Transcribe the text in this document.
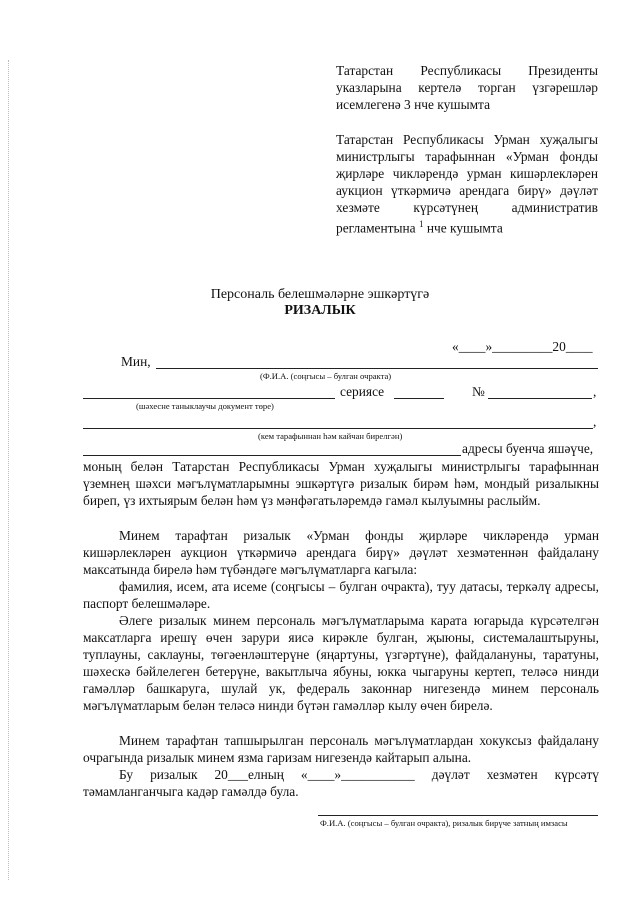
Татарстан Республикасы Президенты указларына кертелә торган үзгәрешләр исемлегенә 3 нче кушымта
Татарстан Республикасы Урман хуҗалыгы министрлыгы тарафыннан «Урман фонды җирләре чикләрендә урман кишәрлекләрен аукцион үткәрмичә арендага бирү» дәүләт хезмәте күрсәтүнең административ регламентына $^1$ нче кушымта
Персональ белешмәләрне эшкәртүгә
РИЗАЛЫК
«____»_________20____
Мин,
(Ф.И.А. (соңгысы – булган очракта)
сериясе	№	,
(шәхесне таныклаучы документ төре)
,
(кем тарафыннан һәм кайчан бирелгән)
адресы буенча яшәүче,
моның белән Татарстан Республикасы Урман хуҗалыгы министрлыгы тарафыннан үземнең шәхси мәгълүматларымны эшкәртүгә ризалык бирәм һәм, мондый ризалыкны биреп, үз ихтыярым белән һәм үз мәнфәгатьләремдә гамәл кылуымны раслыйм.
Минем тарафтан ризалык «Урман фонды җирләре чикләрендә урман кишәрлекләрен аукцион үткәрмичә арендага бирү» дәүләт хезмәтеннән файдалану максатында бирелә һәм түбәндәге мәгълүматларга кагыла:
фамилия, исем, ата исеме (соңгысы – булган очракта), туу датасы, теркәлү адресы, паспорт белешмәләре.
Әлеге ризалык минем персональ мәгълүматларыма карата югарыда күрсәтелгән максатларга ирешү өчен зарури яисә кирәкле булган, җыюны, системалаштыруны, туплауны, саклауны, төгәенләштерүне (яңартуны, үзгәртүне), файдалануны, таратуны, шәхескә бәйлелеген бетерүне, вакытлыча ябуны, юкка чыгаруны кертеп, теләсә нинди гамәлләр башкаруга, шулай ук, федераль законнар нигезендә минем персональ мәгълүматларым белән теләсә нинди бүтән гамәлләр кылу өчен бирелә.
Минем тарафтан тапшырылган персональ мәгълүматлардан хокуксыз файдалану очрагында ризалык минем язма гаризам нигезендә кайтарып алына.
Бу ризалык 20___елның «____»___________ дәүләт хезмәтен күрсәтү тәмамланганчыга кадәр гамәлдә була.
Ф.И.А. (соңгысы – булган очракта), ризалык бирүче затның имзасы
